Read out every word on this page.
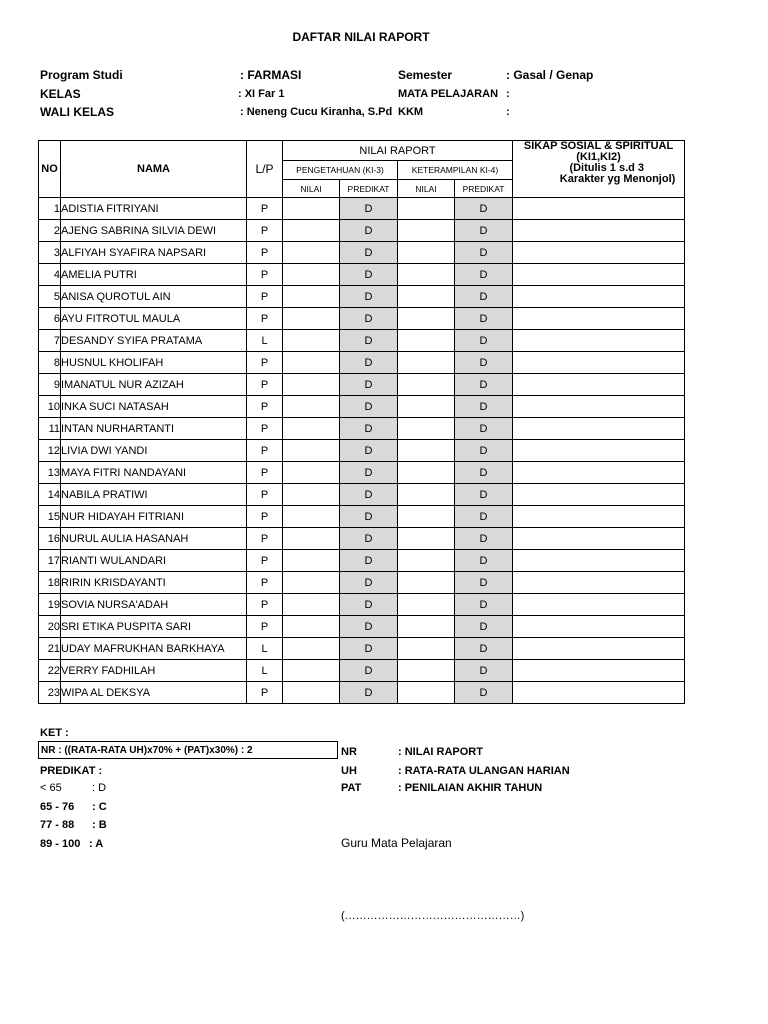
DAFTAR NILAI RAPORT
Program Studi	: FARMASI
KELAS	: XI Far 1
WALI KELAS	: Neneng Cucu Kiranha, S.Pd
Semester	: Gasal / Genap
MATA PELAJARAN :
KKM	:
NO	NAMA	L/P	NILAI RAPORT				SIKAP SOSIAL & SPIRITUAL (KI1,KI2)
(Ditulis 1 s.d 3
Karakter yg Menonjol)

			PENGETAHUAN (KI-3)		KETERAMPILAN KI-4)		
			NILAI	PREDIKAT	NILAI	PREDIKAT	
1	ADISTIA FITRIYANI	P		D		D	
2	AJENG SABRINA SILVIA DEWI	P		D		D	
3	ALFIYAH SYAFIRA NAPSARI	P		D		D	
4	AMELIA PUTRI	P		D		D	
5	ANISA QUROTUL AIN	P		D		D	
6	AYU FITROTUL MAULA	P		D		D	
7	DESANDY SYIFA PRATAMA	L		D		D	
8	HUSNUL KHOLIFAH	P		D		D	
9	IMANATUL NUR AZIZAH	P		D		D	
10	INKA SUCI NATASAH	P		D		D	
11	INTAN NURHARTANTI	P		D		D	
12	LIVIA DWI YANDI	P		D		D	
13	MAYA FITRI NANDAYANI	P		D		D	
14	NABILA PRATIWI	P		D		D	
15	NUR HIDAYAH FITRIANI	P		D		D	
16	NURUL AULIA HASANAH	P		D		D	
17	RIANTI WULANDARI	P		D		D	
18	RIRIN KRISDAYANTI	P		D		D	
19	SOVIA NURSA'ADAH	P		D		D	
20	SRI ETIKA PUSPITA SARI	P		D		D	
21	UDAY MAFRUKHAN BARKHAYA	L		D		D	
22	VERRY FADHILAH	L		D		D	
23	WIPA AL DEKSYA	P		D		D	
KET :
NR : ((RATA-RATA UH)x70% + (PAT)x30%) : 2
PREDIKAT :
< 65	: D
65 - 76 : C
77 - 88 : B
89 - 100 : A
NR	: NILAI RAPORT
UH	: RATA-RATA ULANGAN HARIAN
PAT	: PENILAIAN AKHIR TAHUN
Guru Mata Pelajaran
(…………………………………………)
